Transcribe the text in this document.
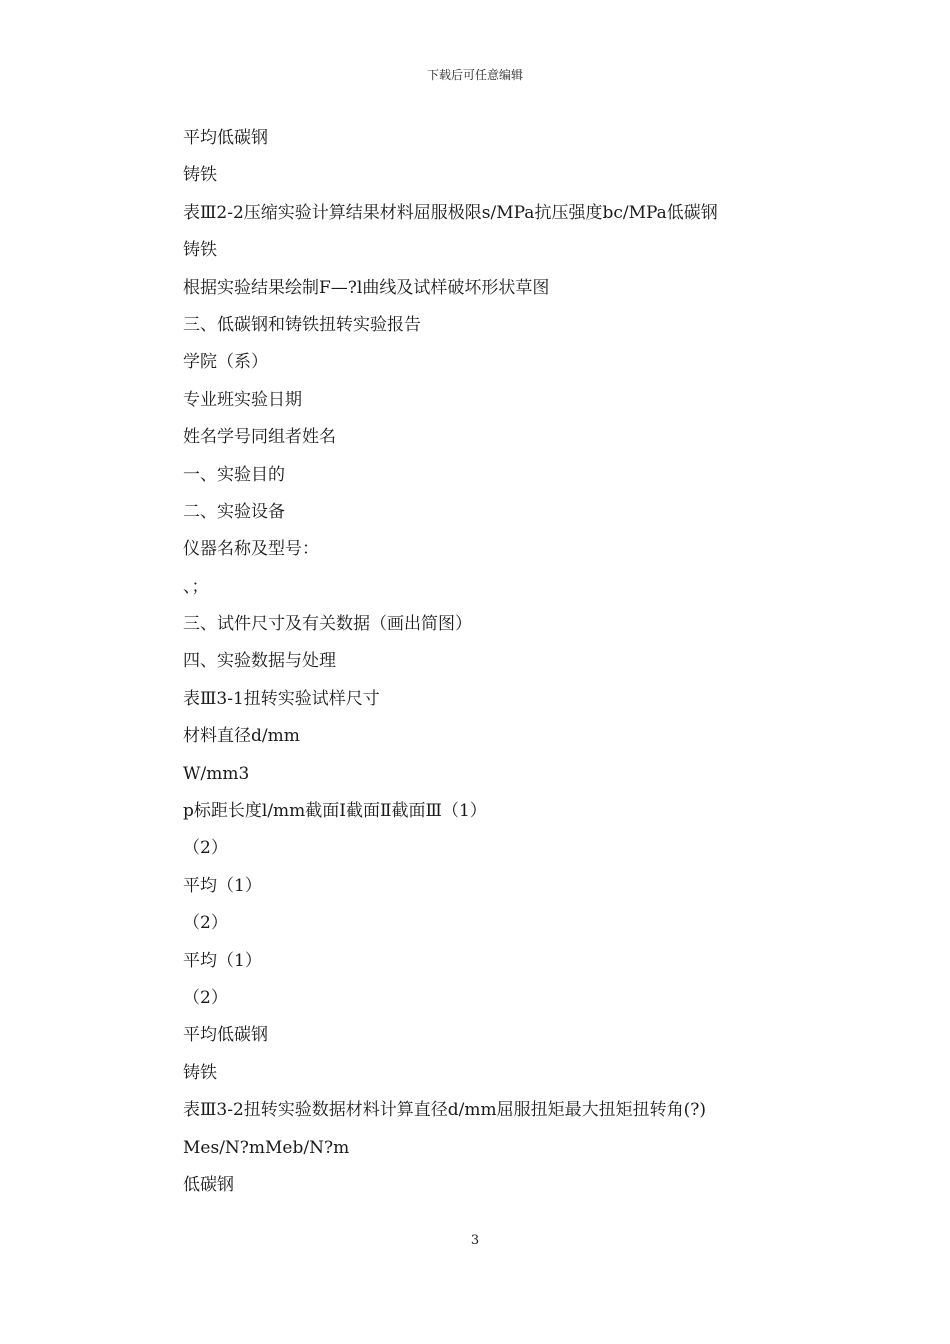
下载后可任意编辑
平均低碳钢
铸铁
表Ⅲ2-2压缩实验计算结果材料屈服极限s/MPa抗压强度bc/MPa低碳钢
铸铁
根据实验结果绘制F—?l曲线及试样破坏形状草图
三、低碳钢和铸铁扭转实验报告
学院（系）
专业班实验日期
姓名学号同组者姓名
一、实验目的
二、实验设备
仪器名称及型号：
、；
三、试件尺寸及有关数据（画出简图）
四、实验数据与处理
表Ⅲ3-1扭转实验试样尺寸
材料直径d/mm
W/mm3
p标距长度l/mm截面Ⅰ截面Ⅱ截面Ⅲ（1）
（2）
平均（1）
（2）
平均（1）
（2）
平均低碳钢
铸铁
表Ⅲ3-2扭转实验数据材料计算直径d/mm屈服扭矩最大扭矩扭转角(?)
Mes/N?mMeb/N?m
低碳钢
3
